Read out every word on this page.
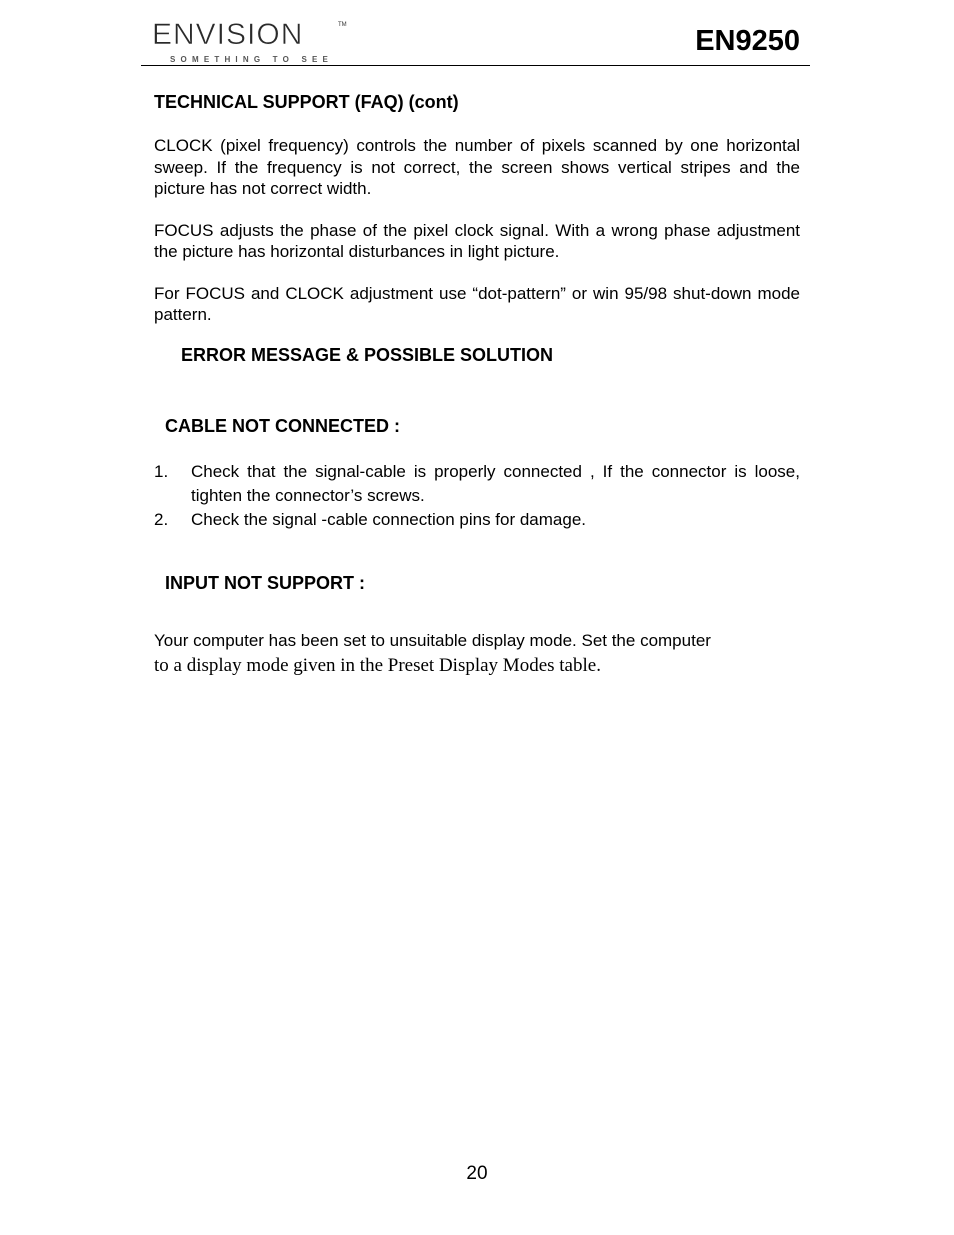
ENVISION	TM
SOMETHING TO SEE
EN9250

TECHNICAL SUPPORT (FAQ) (cont)

CLOCK (pixel frequency) controls the number of pixels scanned by one horizontal sweep. If the frequency is not correct, the screen shows vertical stripes and the picture has not correct width.

FOCUS adjusts the phase of the pixel clock signal. With a wrong phase adjustment the picture has horizontal disturbances in light picture.

For FOCUS and CLOCK adjustment use “dot-pattern” or win 95/98 shut-down mode pattern.

ERROR MESSAGE & POSSIBLE SOLUTION

CABLE NOT CONNECTED :

1. Check that the signal-cable is properly connected , If the connector is loose, tighten the connector’s screws.
2. Check the signal -cable connection pins for damage.

INPUT NOT SUPPORT :

Your computer has been set to unsuitable display mode. Set the computer

to a display mode given in the Preset Display Modes table.

20
